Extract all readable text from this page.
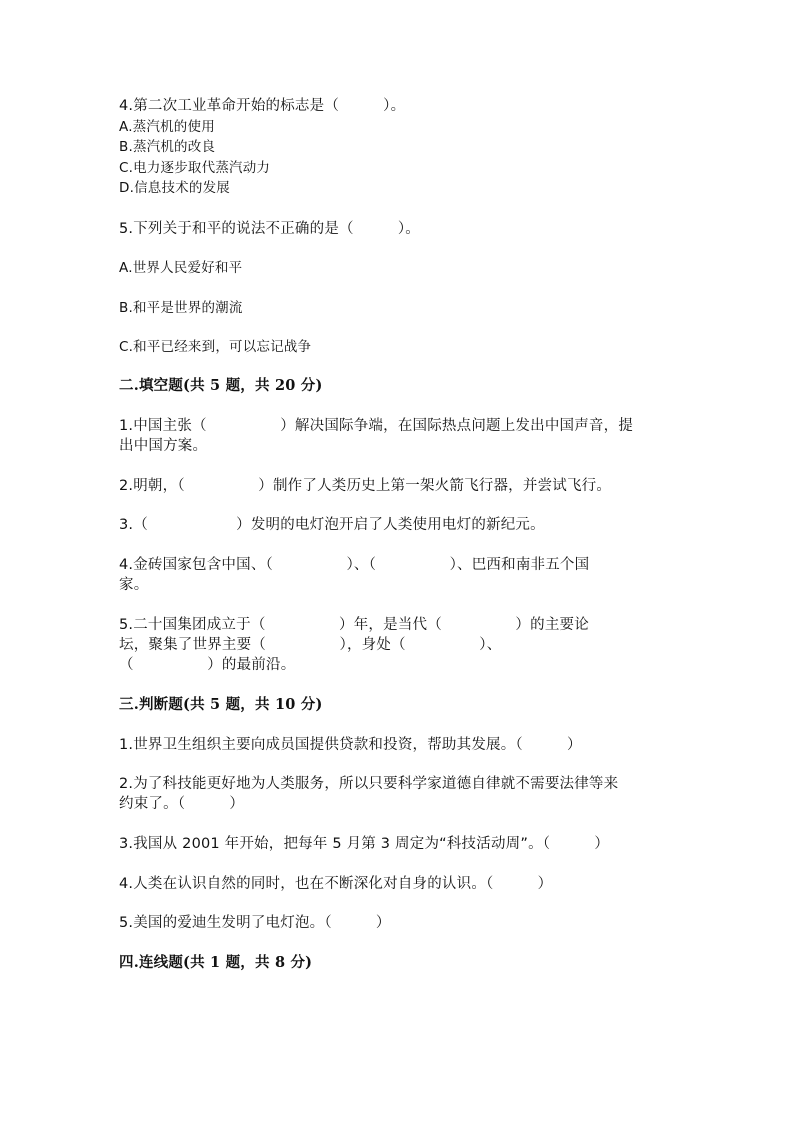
4.第二次工业革命开始的标志是（　　　）。
A.蒸汽机的使用
B.蒸汽机的改良
C.电力逐步取代蒸汽动力
D.信息技术的发展
5.下列关于和平的说法不正确的是（　　　）。
A.世界人民爱好和平
B.和平是世界的潮流
C.和平已经来到，可以忘记战争
二.填空题(共 5 题，共 20 分)
1.中国主张（　　　　　）解决国际争端，在国际热点问题上发出中国声音，提
出中国方案。
2.明朝，（　　　　　）制作了人类历史上第一架火箭飞行器，并尝试飞行。
3.（　　　　　　）发明的电灯泡开启了人类使用电灯的新纪元。
4.金砖国家包含中国、（　　　　　）、（　　　　　）、巴西和南非五个国
家。
5.二十国集团成立于（　　　　　）年，是当代（　　　　　）的主要论
坛，聚集了世界主要（　　　　　），身处（　　　　　）、
（　　　　　）的最前沿。
三.判断题(共 5 题，共 10 分)
1.世界卫生组织主要向成员国提供贷款和投资，帮助其发展。（　　　）
2.为了科技能更好地为人类服务，所以只要科学家道德自律就不需要法律等来
约束了。（　　　）
3.我国从 2001 年开始，把每年 5 月第 3 周定为“科技活动周”。（　　　）
4.人类在认识自然的同时，也在不断深化对自身的认识。（　　　）
5.美国的爱迪生发明了电灯泡。（　　　）
四.连线题(共 1 题，共 8 分)
